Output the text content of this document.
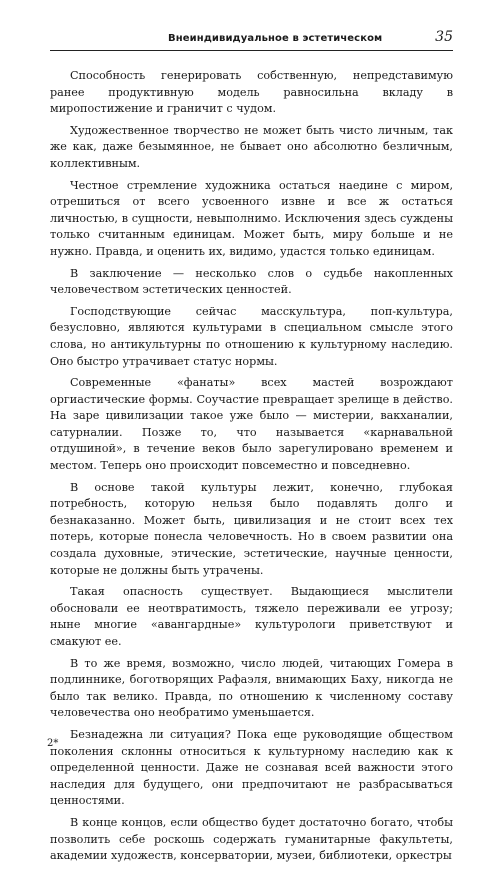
Внеиндивидуальное в эстетическом	35

Способность генерировать собственную, непредставимую ранее продуктивную модель равносильна вкладу в миропостижение и граничит с чудом.

Художественное творчество не может быть чисто личным, так же как, даже безымянное, не бывает оно абсолютно безличным, коллективным.

Честное стремление художника остаться наедине с миром, отрешиться от всего усвоенного извне и все ж остаться личностью, в сущности, невыполнимо. Исключения здесь суждены только считанным единицам. Может быть, миру больше и не нужно. Правда, и оценить их, видимо, удастся только единицам.

В заключение — несколько слов о судьбе накопленных человечеством эстетических ценностей.

Господствующие сейчас масскультура, поп-культура, безусловно, являются культурами в специальном смысле этого слова, но антикультурны по отношению к культурному наследию. Оно быстро утрачивает статус нормы.

Современные «фанаты» всех мастей возрождают оргиастические формы. Соучастие превращает зрелище в действо. На заре цивилизации такое уже было — мистерии, вакханалии, сатурналии. Позже то, что называется «карнавальной отдушиной», в течение веков было зарегулировано временем и местом. Теперь оно происходит повсеместно и повседневно.

В основе такой культуры лежит, конечно, глубокая потребность, которую нельзя было подавлять долго и безнаказанно. Может быть, цивилизация и не стоит всех тех потерь, которые понесла человечность. Но в своем развитии она создала духовные, этические, эстетические, научные ценности, которые не должны быть утрачены.

Такая опасность существует. Выдающиеся мыслители обосновали ее неотвратимость, тяжело переживали ее угрозу; ныне многие «авангардные» культурологи приветствуют и смакуют ее.

В то же время, возможно, число людей, читающих Гомера в подлиннике, боготворящих Рафаэля, внимающих Баху, никогда не было так велико. Правда, по отношению к численному составу человечества оно необратимо уменьшается.

Безнадежна ли ситуация? Пока еще руководящие обществом поколения склонны относиться к культурному наследию как к определенной ценности. Даже не сознавая всей важности этого наследия для будущего, они предпочитают не разбрасываться ценностями.

В конце концов, если общество будет достаточно богато, чтобы позволить себе роскошь содержать гуманитарные факультеты, академии художеств, консерватории, музеи, библиотеки, оркестры

2*
